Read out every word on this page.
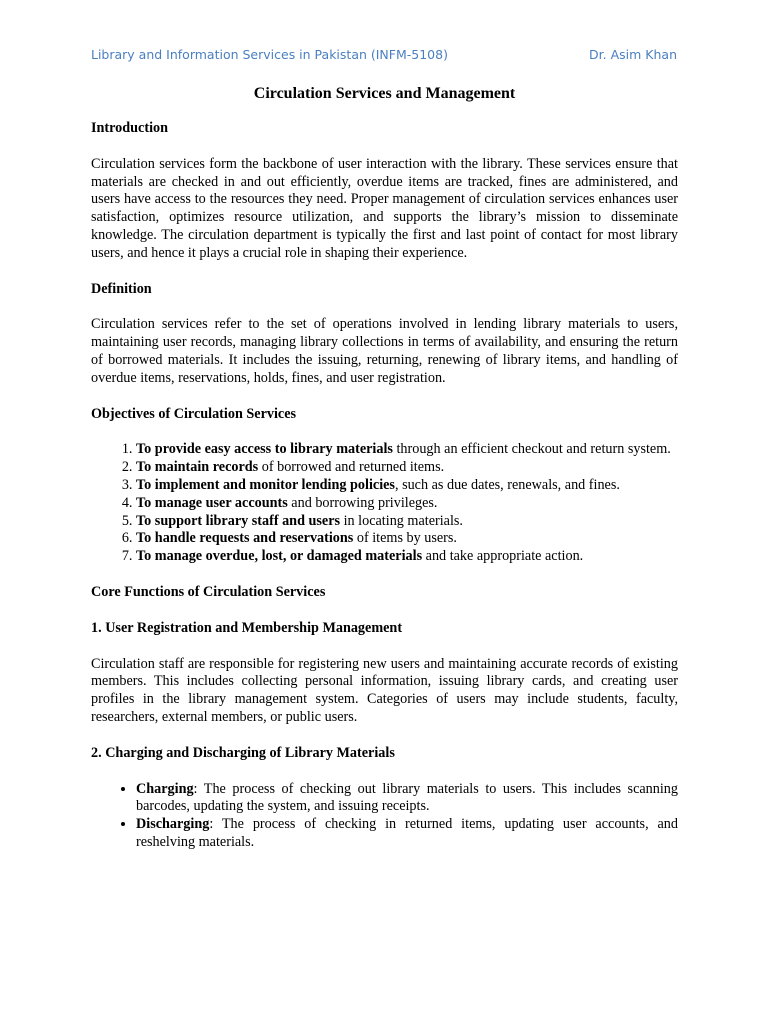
Library and Information Services in Pakistan (INFM-5108)	Dr. Asim Khan
Circulation Services and Management
Introduction

Circulation services form the backbone of user interaction with the library. These services ensure that materials are checked in and out efficiently, overdue items are tracked, fines are administered, and users have access to the resources they need. Proper management of circulation services enhances user satisfaction, optimizes resource utilization, and supports the library’s mission to disseminate knowledge. The circulation department is typically the first and last point of contact for most library users, and hence it plays a crucial role in shaping their experience.

Definition

Circulation services refer to the set of operations involved in lending library materials to users, maintaining user records, managing library collections in terms of availability, and ensuring the return of borrowed materials. It includes the issuing, returning, renewing of library items, and handling of overdue items, reservations, holds, fines, and user registration.

Objectives of Circulation Services
1. To provide easy access to library materials through an efficient checkout and return system.
2. To maintain records of borrowed and returned items.
3. To implement and monitor lending policies, such as due dates, renewals, and fines.
4. To manage user accounts and borrowing privileges.
5. To support library staff and users in locating materials.
6. To handle requests and reservations of items by users.
7. To manage overdue, lost, or damaged materials and take appropriate action.
Core Functions of Circulation Services
1. User Registration and Membership Management

Circulation staff are responsible for registering new users and maintaining accurate records of existing members. This includes collecting personal information, issuing library cards, and creating user profiles in the library management system. Categories of users may include students, faculty, researchers, external members, or public users.

2. Charging and Discharging of Library Materials
• Charging: The process of checking out library materials to users. This includes scanning barcodes, updating the system, and issuing receipts.
• Discharging: The process of checking in returned items, updating user accounts, and reshelving materials.
